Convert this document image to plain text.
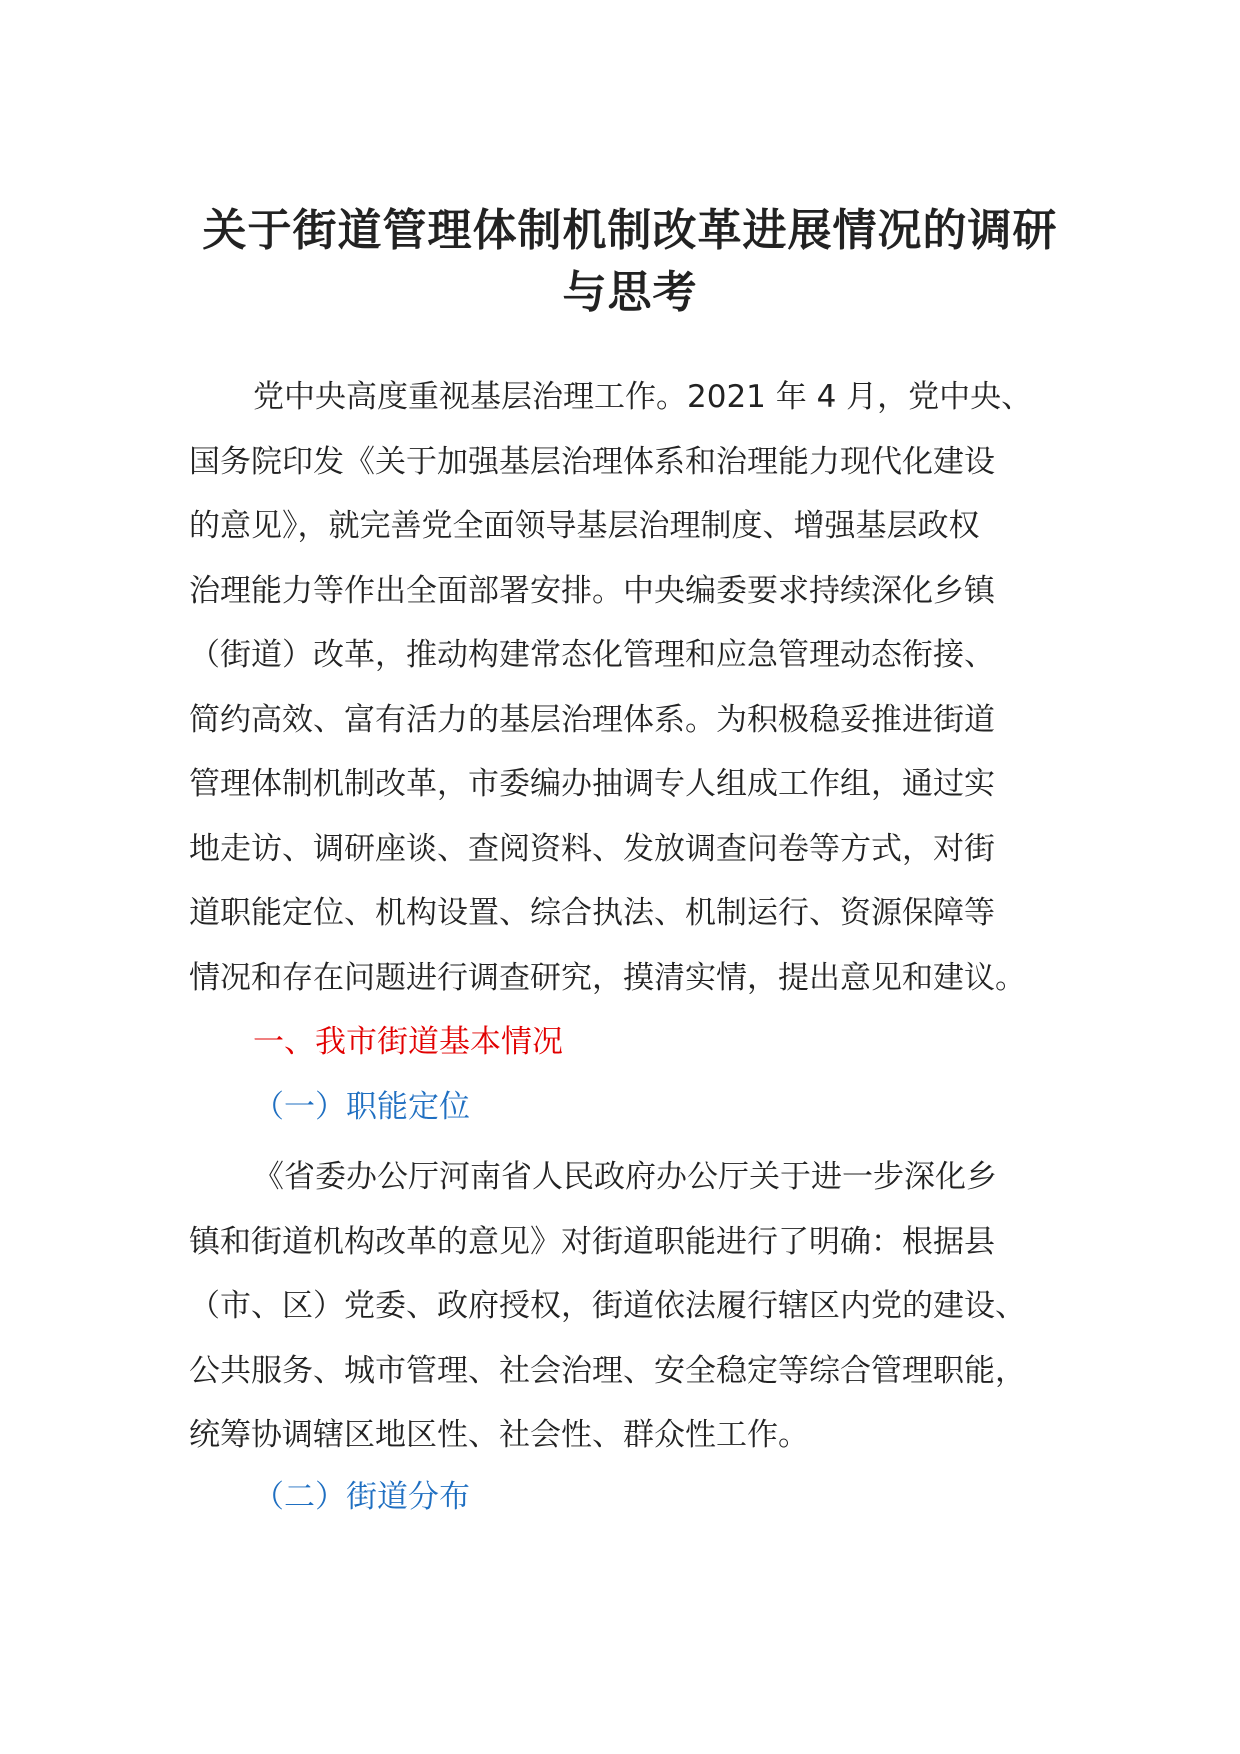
关于街道管理体制机制改革进展情况的调研
与思考
党中央高度重视基层治理工作。2021 年 4 月，党中央、
国务院印发《关于加强基层治理体系和治理能力现代化建设
的意见》，就完善党全面领导基层治理制度、增强基层政权
治理能力等作出全面部署安排。中央编委要求持续深化乡镇
（街道）改革，推动构建常态化管理和应急管理动态衔接、
简约高效、富有活力的基层治理体系。为积极稳妥推进街道
管理体制机制改革，市委编办抽调专人组成工作组，通过实
地走访、调研座谈、查阅资料、发放调查问卷等方式，对街
道职能定位、机构设置、综合执法、机制运行、资源保障等
情况和存在问题进行调查研究，摸清实情，提出意见和建议。
一、我市街道基本情况
（一）职能定位
《省委办公厅河南省人民政府办公厅关于进一步深化乡
镇和街道机构改革的意见》对街道职能进行了明确：根据县
（市、区）党委、政府授权，街道依法履行辖区内党的建设、
公共服务、城市管理、社会治理、安全稳定等综合管理职能，
统筹协调辖区地区性、社会性、群众性工作。
（二）街道分布
